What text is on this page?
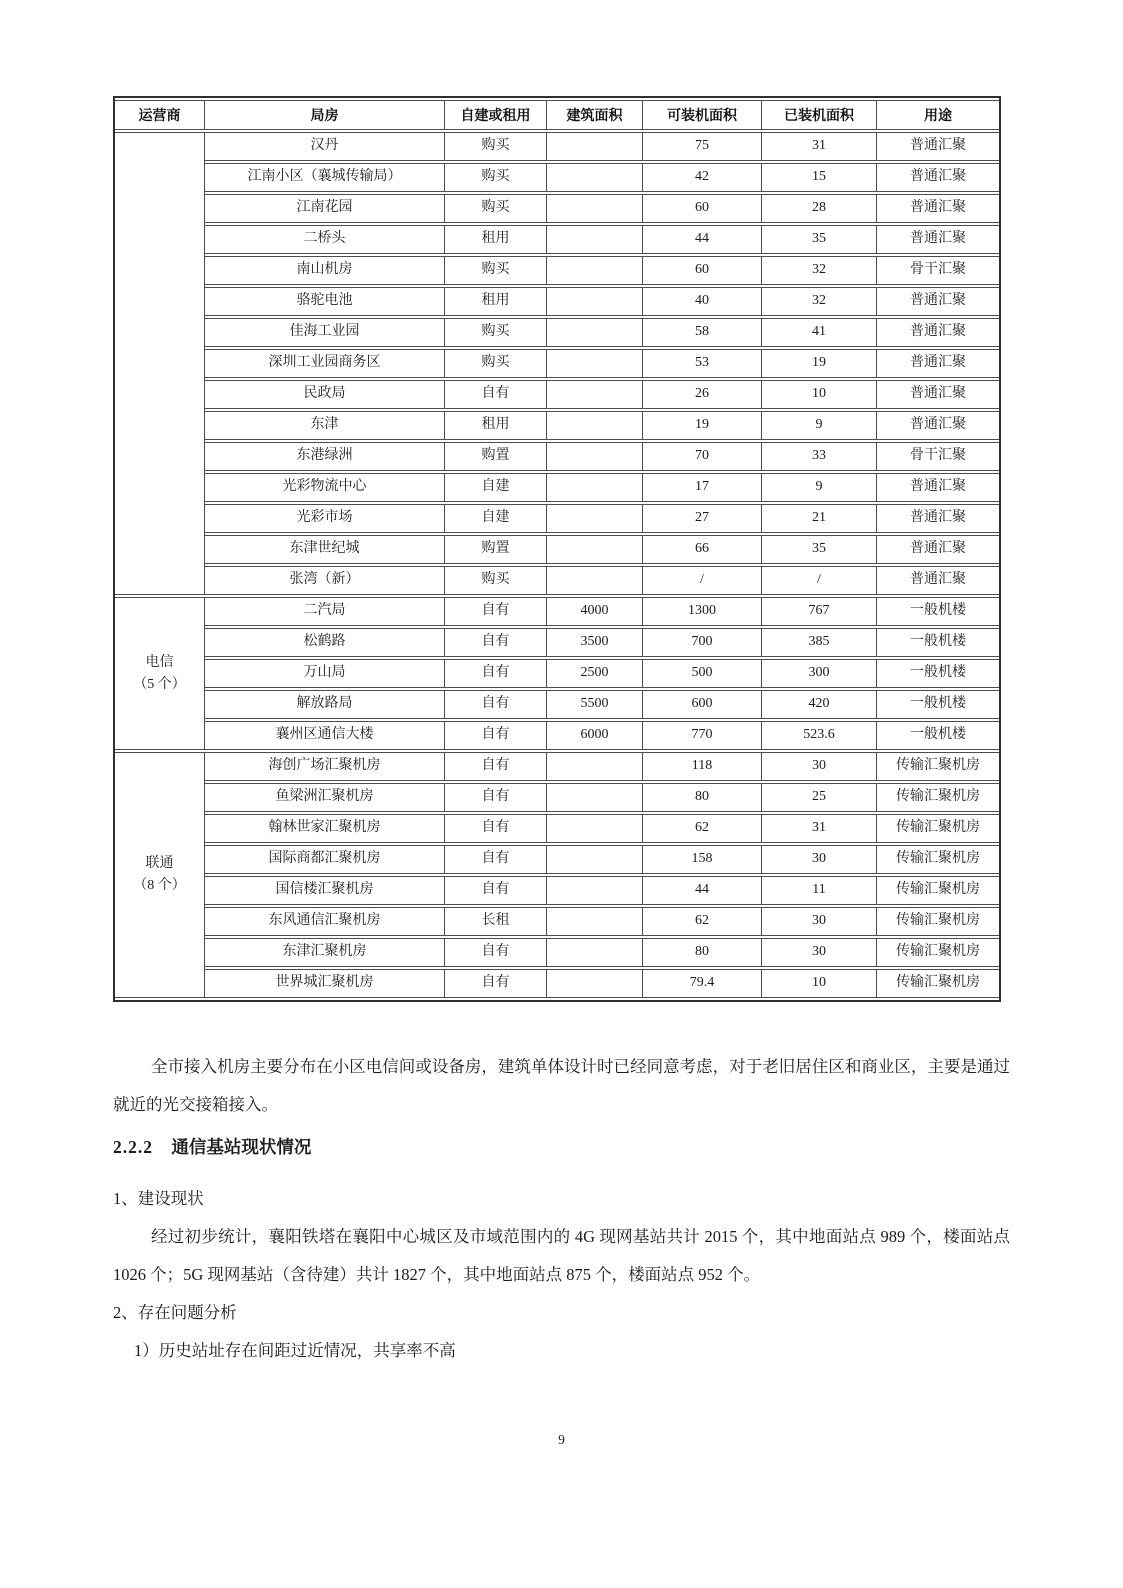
运营商	局房	自建或租用	建筑面积	可装机面积	已装机面积	用途
	汉丹	购买		75	31	普通汇聚
	江南小区（襄城传输局）	购买		42	15	普通汇聚
	江南花园	购买		60	28	普通汇聚
	二桥头	租用		44	35	普通汇聚
	南山机房	购买		60	32	骨干汇聚
	骆驼电池	租用		40	32	普通汇聚
	佳海工业园	购买		58	41	普通汇聚
	深圳工业园商务区	购买		53	19	普通汇聚
	民政局	自有		26	10	普通汇聚
	东津	租用		19	9	普通汇聚
	东港绿洲	购置		70	33	骨干汇聚
	光彩物流中心	自建		17	9	普通汇聚
	光彩市场	自建		27	21	普通汇聚
	东津世纪城	购置		66	35	普通汇聚
	张湾（新）	购买		/	/	普通汇聚

电信
（5 个）	二汽局	自有	4000	1300	767	一般机楼
	松鹤路	自有	3500	700	385	一般机楼
	万山局	自有	2500	500	300	一般机楼
	解放路局	自有	5500	600	420	一般机楼
	襄州区通信大楼	自有	6000	770	523.6	一般机楼

联通
（8 个）	海创广场汇聚机房	自有		118	30	传输汇聚机房
	鱼梁洲汇聚机房	自有		80	25	传输汇聚机房
	翰林世家汇聚机房	自有		62	31	传输汇聚机房
	国际商都汇聚机房	自有		158	30	传输汇聚机房
	国信楼汇聚机房	自有		44	11	传输汇聚机房
	东风通信汇聚机房	长租		62	30	传输汇聚机房
	东津汇聚机房	自有		80	30	传输汇聚机房
	世界城汇聚机房	自有		79.4	10	传输汇聚机房

全市接入机房主要分布在小区电信间或设备房，建筑单体设计时已经同意考虑，对于老旧居住区和商业区，主要是通过就近的光交接箱接入。

2.2.2 通信基站现状情况

1、建设现状

经过初步统计，襄阳铁塔在襄阳中心城区及市域范围内的 4G 现网基站共计 2015 个，其中地面站点 989 个，楼面站点 1026 个；5G 现网基站（含待建）共计 1827 个，其中地面站点 875 个，楼面站点 952 个。

2、存在问题分析

1）历史站址存在间距过近情况，共享率不高

9
